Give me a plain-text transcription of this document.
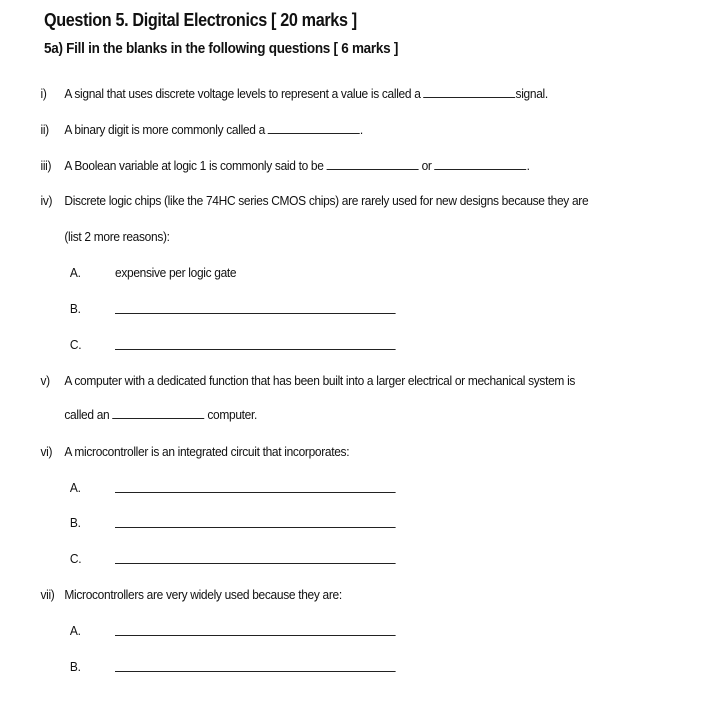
Question 5. Digital Electronics [ 20 marks ]
5a) Fill in the blanks in the following questions [ 6 marks ]
i) A signal that uses discrete voltage levels to represent a value is called a	signal.
ii) A binary digit is more commonly called a	.
iii) A Boolean variable at logic 1 is commonly said to be	or	.
iv) Discrete logic chips (like the 74HC series CMOS chips) are rarely used for new designs because they are
(list 2 more reasons):
A.	expensive per logic gate
B.
C.
v) A computer with a dedicated function that has been built into a larger electrical or mechanical system is
called an	computer.
vi) A microcontroller is an integrated circuit that incorporates:
A.
B.
C.
vii) Microcontrollers are very widely used because they are:
A.
B.
